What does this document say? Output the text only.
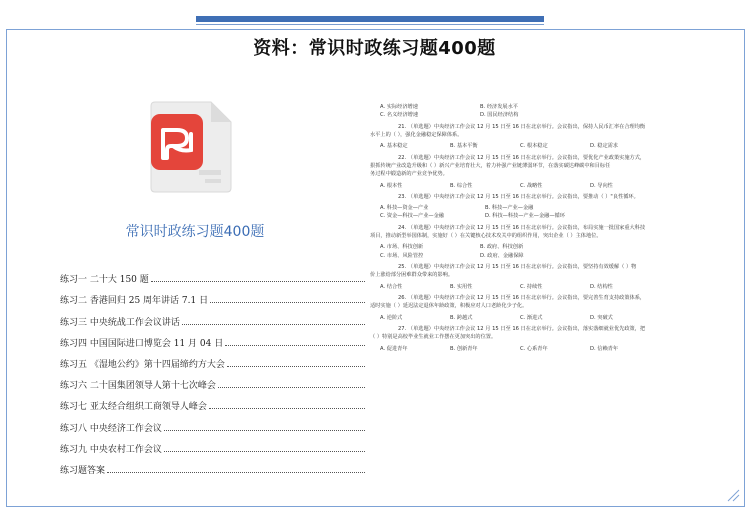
资料：常识时政练习题400题
常识时政练习题400题
练习一 二十大 150 题
练习二 香港回归 25 周年讲话 7.1 日
练习三 中央统战工作会议讲话
练习四 中国国际进口博览会 11 月 04 日
练习五 《湿地公约》第十四届缔约方大会
练习六 二十国集团领导人第十七次峰会
练习七 亚太经合组织工商领导人峰会
练习八 中央经济工作会议
练习九 中央农村工作会议
练习题答案
A. 实际经济增速	B. 经济发展水平
C. 名义经济增速	D. 国民经济结构
21. （单选题）中央经济工作会议 12 月 15 日至 16 日在北京举行。会议指出，保持人民币汇率在合理均衡
水平上的（ ），强化金融稳定保障体系。
A. 基本稳定	B. 基本平衡	C. 根本稳定	D. 稳定需求
22. （单选题）中央经济工作会议 12 月 15 日至 16 日在北京举行。会议指出，要优化产业政策实施方式，
狠抓传统产业改造升级和（ ）新兴产业培育壮大，着力补强产业链薄弱环节，在落实碳达峰碳中和目标任
务过程中锻造新的产业竞争优势。
A. 根本性	B. 综合性	C. 战略性	D. 导向性
23. （单选题）中央经济工作会议 12 月 15 日至 16 日在北京举行。会议指出，要推动（ ）"良性循环。
A. 科技—资金—产业	B. 科技—产业—金融
C. 资金—科技—产业—金融	D. 科技—科技—产业—金融—循环
24. （单选题）中央经济工作会议 12 月 15 日至 16 日在北京举行。会议指出，布局实施一批国家重大科技
项目，推动新型举国体制，实施好（ ）在关键核心技术攻关中的组织作用，突出企业（ ）主体地位。
A. 市场、科技创新	B. 政府、科技创新
C. 市场、风险管控	D. 政府、金融保障
25. （单选题）中央经济工作会议 12 月 15 日至 16 日在北京举行。会议指出，要坚持有效缓解（ ）物
价上涨给部分困难群众带来的影响。
A. 结合性	B. 实用性	C. 持续性	D. 结构性
26. （单选题）中央经济工作会议 12 月 15 日至 16 日在北京举行。会议指出，要完善生育支持政策体系，
适时实施（ ）延迟法定退休年龄政策，积极应对人口老龄化少子化。
A. 逆阶式	B. 跨越式	C. 渐进式	D. 突破式
27. （单选题）中央经济工作会议 12 月 15 日至 16 日在北京举行。会议指出，落实落细就业优先政策，把
（ ）特别是高校毕业生就业工作摆在更加突出的位置。
A. 促进青年	B. 创新青年	C. 心系青年	D. 信赖青年
